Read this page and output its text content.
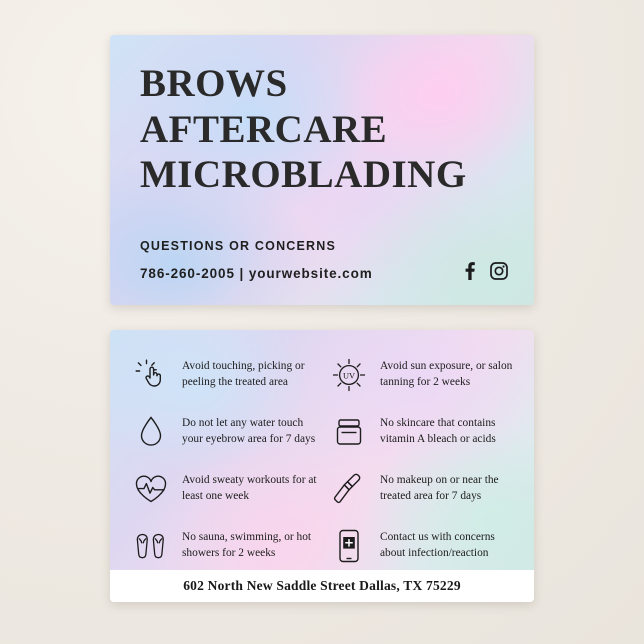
BROWS
AFTERCARE
MICROBLADING
QUESTIONS OR CONCERNS
786-260-2005 | yourwebsite.com
Avoid touching, picking or peeling the treated area
UV
Avoid sun exposure, or salon tanning for 2 weeks
Do not let any water touch your eyebrow area for 7 days
No skincare that contains vitamin A bleach or acids
Avoid sweaty workouts for at least one week
No makeup on or near the treated area for 7 days
No sauna, swimming, or hot showers for 2 weeks
Contact us with concerns about infection/reaction
602 North New Saddle Street Dallas, TX 75229
